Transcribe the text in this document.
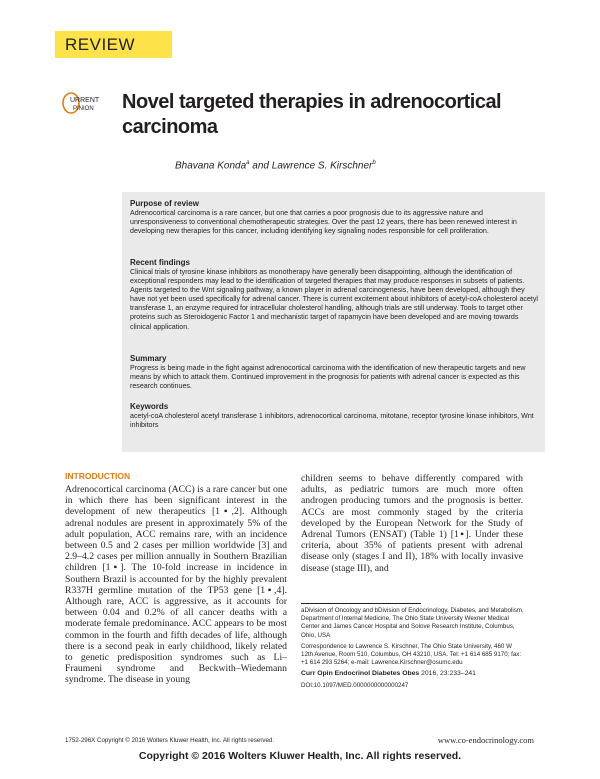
REVIEW
URRENT
PINION Novel targeted therapies in adrenocortical carcinoma
Bhavana Konda$^a$ and Lawrence S. Kirschner$^b$
Purpose of review
Adrenocortical carcinoma is a rare cancer, but one that carries a poor prognosis due to its aggressive nature and unresponsiveness to conventional chemotherapeutic strategies. Over the past 12 years, there has been renewed interest in developing new therapies for this cancer, including identifying key signaling nodes responsible for cell proliferation.
Recent findings
Clinical trials of tyrosine kinase inhibitors as monotherapy have generally been disappointing, although the identification of exceptional responders may lead to the identification of targeted therapies that may produce responses in subsets of patients. Agents targeted to the Wnt signaling pathway, a known player in adrenal carcinogenesis, have been developed, although they have not yet been used specifically for adrenal cancer. There is current excitement about inhibitors of acetyl-coA cholesterol acetyl transferase 1, an enzyme required for intracellular cholesterol handling, although trials are still underway. Tools to target other proteins such as Steroidogenic Factor 1 and mechanistic target of rapamycin have been developed and are moving towards clinical application.
Summary
Progress is being made in the fight against adrenocortical carcinoma with the identification of new therapeutic targets and new means by which to attack them. Continued improvement in the prognosis for patients with adrenal cancer is expected as this research continues.
Keywords
acetyl-coA cholesterol acetyl transferase 1 inhibitors, adrenocortical carcinoma, mitotane, receptor tyrosine kinase inhibitors, Wnt inhibitors
INTRODUCTION
Adrenocortical carcinoma (ACC) is a rare cancer but one in which there has been significant interest in the development of new therapeutics [1▪,2]. Although adrenal nodules are present in approximately 5% of the adult population, ACC remains rare, with an incidence between 0.5 and 2 cases per million worldwide [3] and 2.9–4.2 cases per million annually in Southern Brazilian children [1▪]. The 10-fold increase in incidence in Southern Brazil is accounted for by the highly prevalent R337H germline mutation of the TP53 gene [1▪,4]. Although rare, ACC is aggressive, as it accounts for between 0.04 and 0.2% of all cancer deaths with a moderate female predominance. ACC appears to be most common in the fourth and fifth decades of life, although there is a second peak in early childhood, likely related to genetic predisposition syndromes such as Li–Fraumeni syndrome and Beckwith–Wiedemann syndrome. The disease in young
children seems to behave differently compared with adults, as pediatric tumors are much more often androgen producing tumors and the prognosis is better. ACCs are most commonly staged by the criteria developed by the European Network for the Study of Adrenal Tumors (ENSAT) (Table 1) [1▪]. Under these criteria, about 35% of patients present with adrenal disease only (stages I and II), 18% with locally invasive disease (stage III), and

aDivision of Oncology and bDivision of Endocrinology, Diabetes, and Metabolism, Department of Internal Medicine, The Ohio State University Wexner Medical Center and James Cancer Hospital and Solove Research Institute, Columbus, Ohio, USA

Correspondence to Lawrence S. Kirschner, The Ohio State University, 460 W 12th Avenue, Room 510, Columbus, OH 43210, USA. Tel: +1 614 685 9170; fax: +1 614 293 5264; e-mail: Lawrence.Kirschner@osumc.edu

Curr Opin Endocrinol Diabetes Obes 2016, 23:233–241

DOI:10.1097/MED.0000000000000247

1752-296X Copyright © 2016 Wolters Kluwer Health, Inc. All rights reserved.	www.co-endocrinology.com
Copyright © 2016 Wolters Kluwer Health, Inc. All rights reserved.
